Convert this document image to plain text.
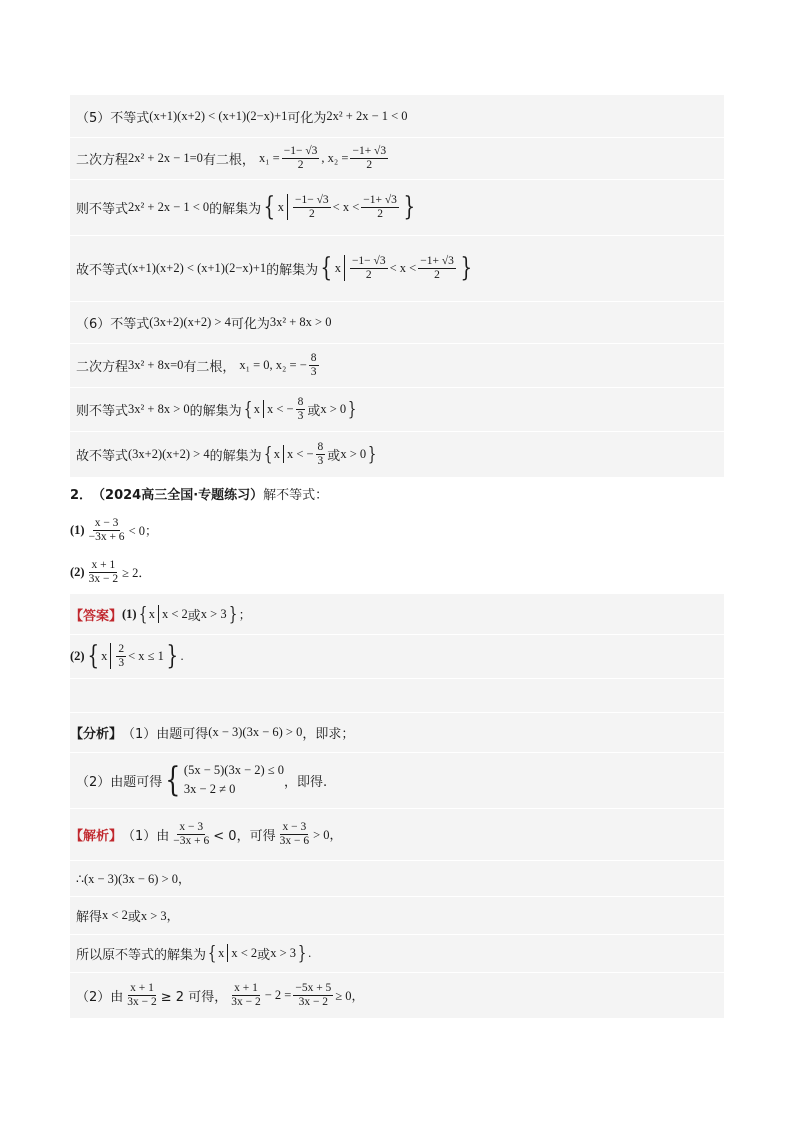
（5）不等式 (x+1)(x+2) < (x+1)(2−x)+1 可化为 2x² + 2x − 1 < 0
二次方程 2x² + 2x − 1=0 有二根， $x_1 = \frac{-1- √3}{2}$ , $x_2 = \frac{-1+ √3}{2}$
则不等式 2x² + 2x − 1 < 0 的解集为 { x $\frac{-1- √3}{2} < x < \frac{-1+ √3}{2}$ }
故不等式 (x+1)(x+2) < (x+1)(2−x)+1 的解集为 { x $\frac{-1- √3}{2} < x < \frac{-1+ √3}{2}$ }
（6）不等式 (3x+2)(x+2) > 4 可化为 3x² + 8x > 0
二次方程 3x² + 8x=0 有二根， x₁ = 0, x₂ = − $\frac{8}{3}$
则不等式 3x² + 8x > 0 的解集为 { x x < − $\frac{8}{3}$ 或 x > 0 }
故不等式 (3x+2)(x+2) > 4 的解集为 { x x < − $\frac{8}{3}$ 或 x > 0 }
2． （2024高三全国·专题练习） 解不等式：
$(1) \frac{x - 3}{-3x + 6} < 0$；
$(2) \frac{x + 1}{3x - 2} \ge 2$．
【答案】 (1) { x x < 2 或 x > 3 } ；
(2) { x $\frac{2}{3} < x \le 1$ } .
【分析】 （1）由题可得 (x − 3)(3x − 6) > 0 ，即求；
（2）由题可得 { (5x − 5)(3x − 2) ≤ 0
3x − 2 ≠ 0	，即得.
【解析】 （1）由 $\frac{x - 3}{-3x + 6} < 0$，可得 $\frac{x - 3}{3x - 6} > 0$，
∴(x − 3)(3x − 6) > 0，
解得 x < 2 或 x > 3，
所以原不等式的解集为 { x x < 2 或 x > 3 } .
（2）由 $\frac{x + 1}{3x - 2} \ge 2$ 可得， $\frac{x + 1}{3x - 2} - 2 = \frac{-5x + 5}{3x - 2} \ge 0$，
